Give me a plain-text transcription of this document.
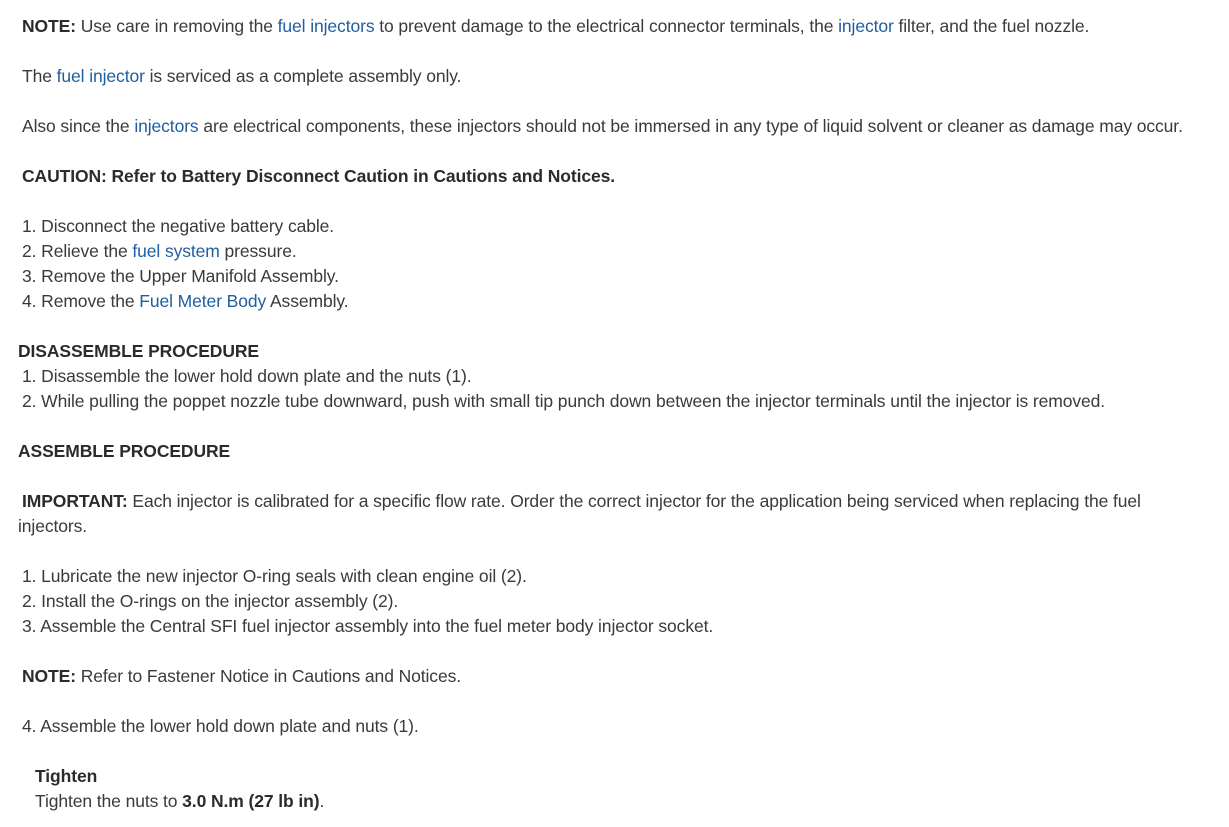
NOTE: Use care in removing the fuel injectors to prevent damage to the electrical connector terminals, the injector filter, and the fuel nozzle.
The fuel injector is serviced as a complete assembly only.
Also since the injectors are electrical components, these injectors should not be immersed in any type of liquid solvent or cleaner as damage may occur.
CAUTION: Refer to Battery Disconnect Caution in Cautions and Notices.
1. Disconnect the negative battery cable.
2. Relieve the fuel system pressure.
3. Remove the Upper Manifold Assembly.
4. Remove the Fuel Meter Body Assembly.
DISASSEMBLE PROCEDURE
1. Disassemble the lower hold down plate and the nuts (1).
2. While pulling the poppet nozzle tube downward, push with small tip punch down between the injector terminals until the injector is removed.
ASSEMBLE PROCEDURE
IMPORTANT: Each injector is calibrated for a specific flow rate. Order the correct injector for the application being serviced when replacing the fuel
injectors.
1. Lubricate the new injector O-ring seals with clean engine oil (2).
2. Install the O-rings on the injector assembly (2).
3. Assemble the Central SFI fuel injector assembly into the fuel meter body injector socket.
NOTE: Refer to Fastener Notice in Cautions and Notices.
4. Assemble the lower hold down plate and nuts (1).
Tighten
Tighten the nuts to 3.0 N.m (27 lb in).
